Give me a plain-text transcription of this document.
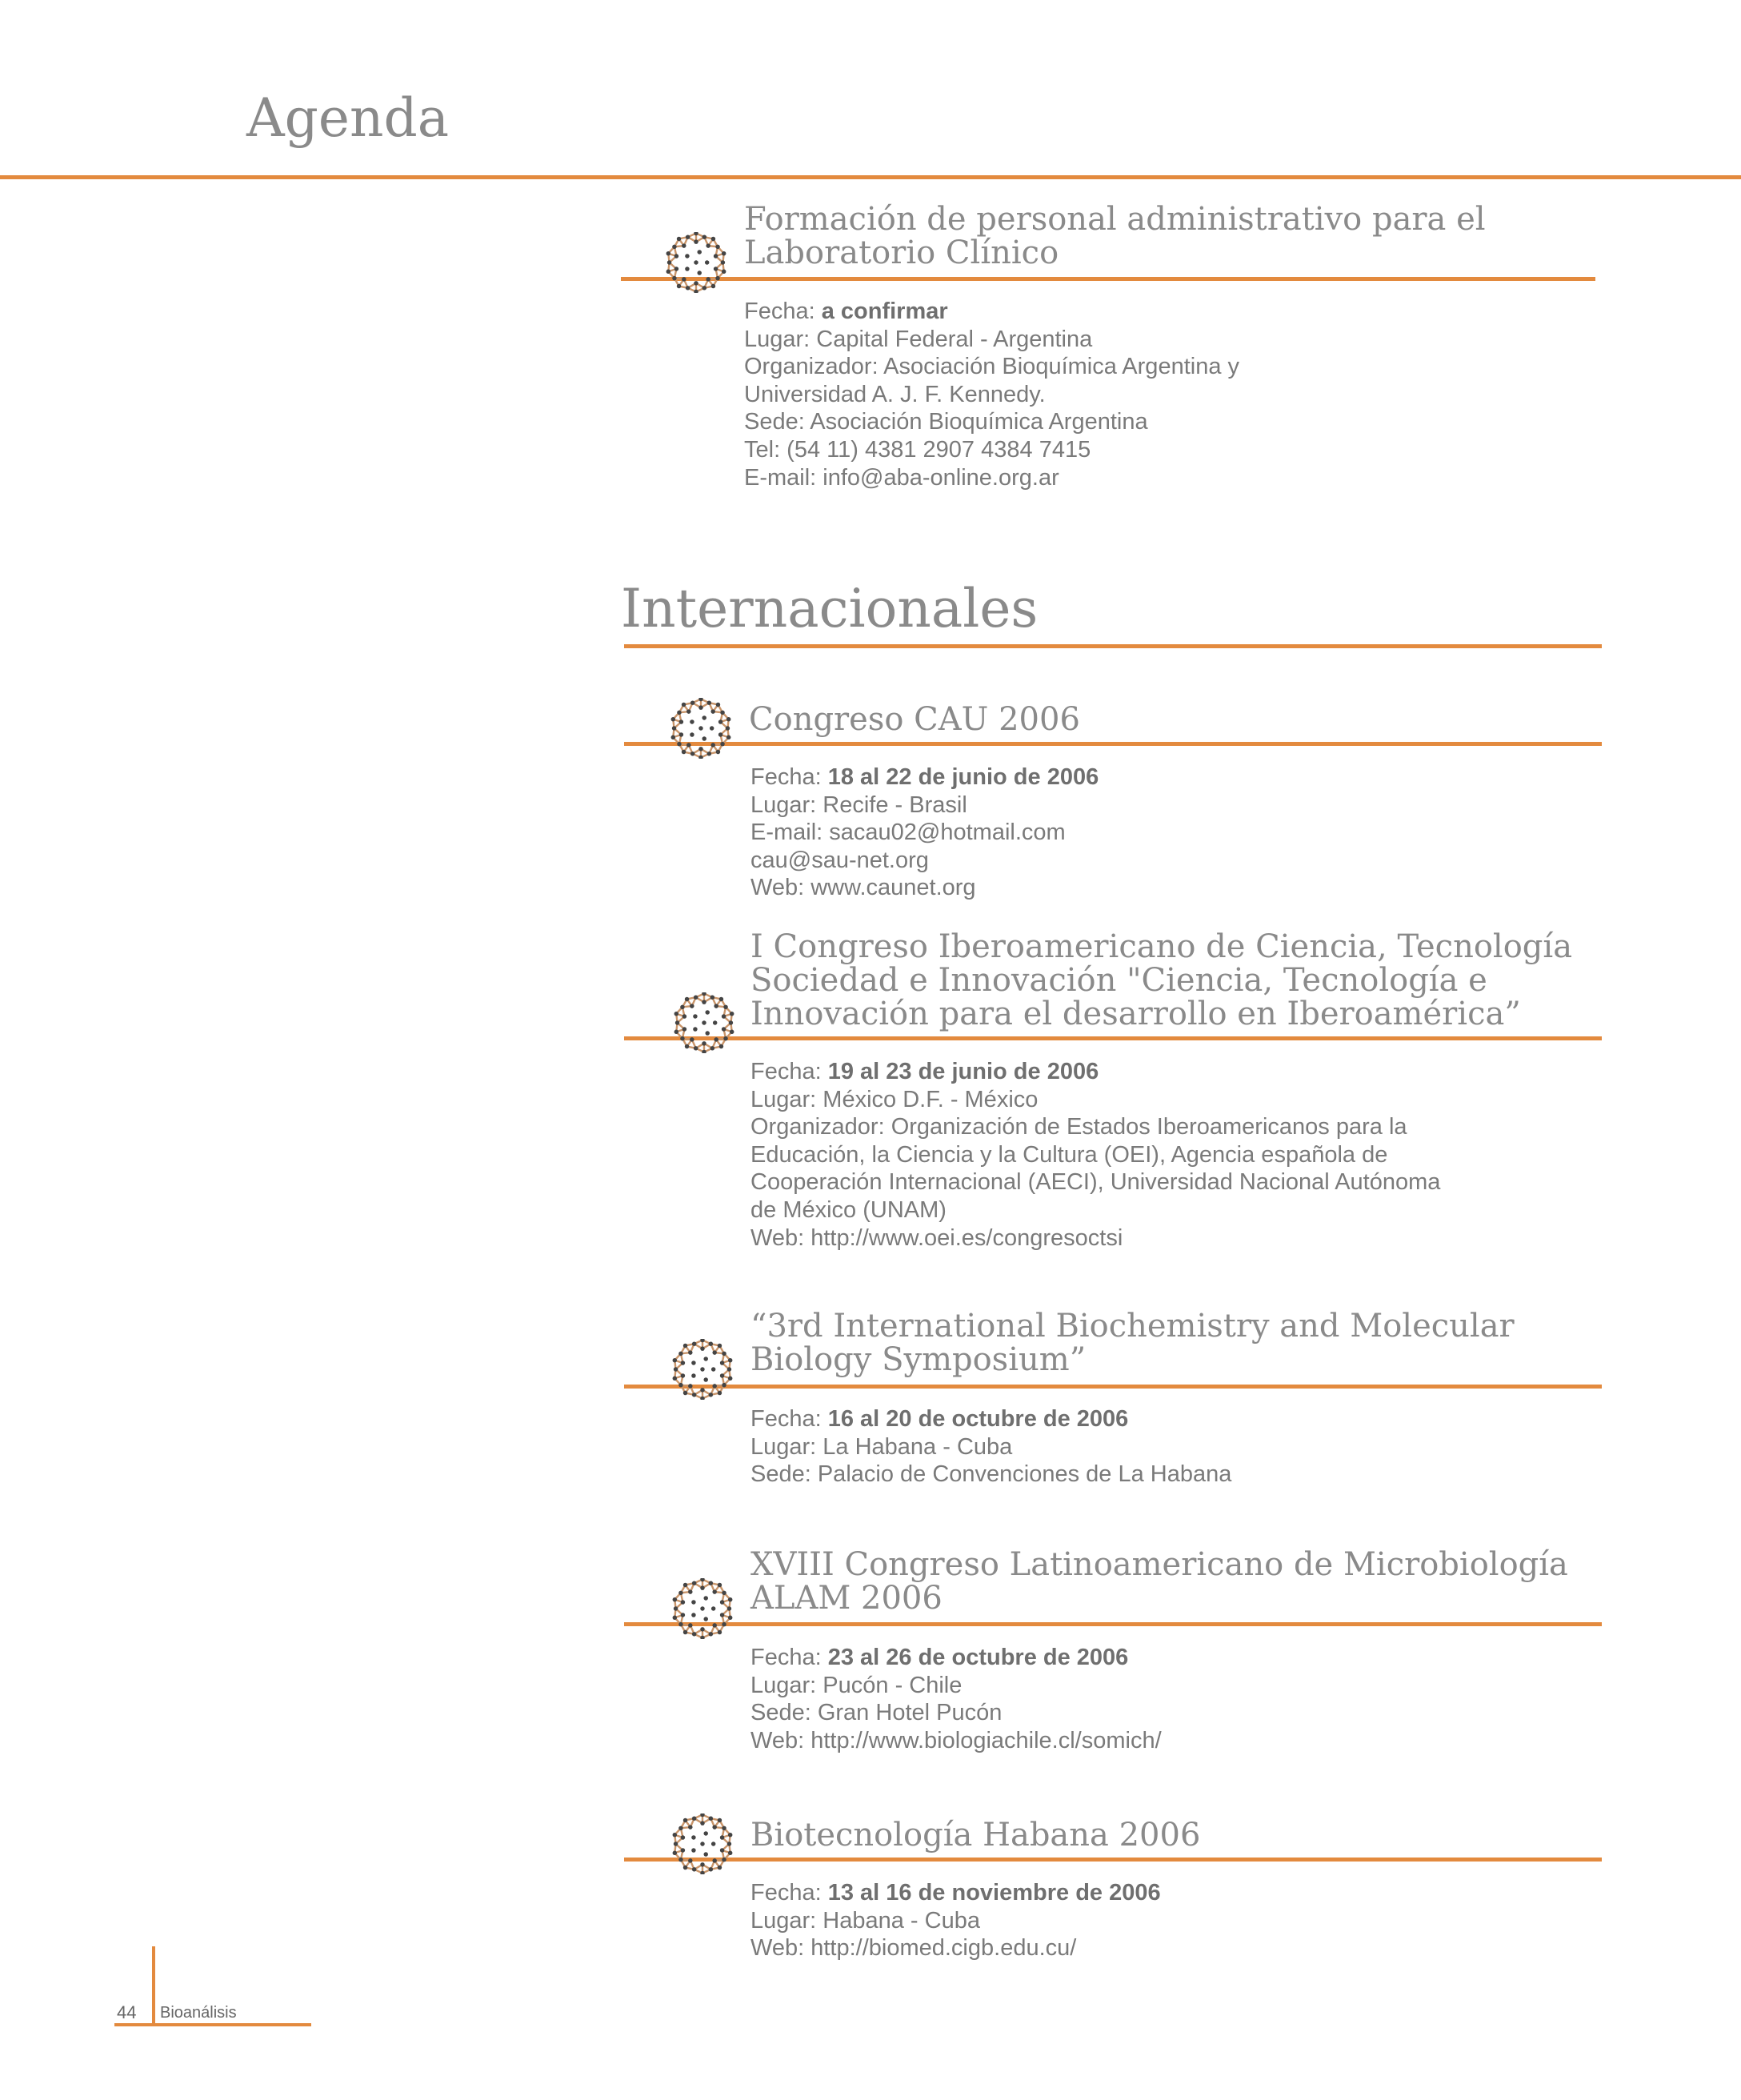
Agenda
Formación de personal administrativo para el
Laboratorio Clínico
Fecha: a confirmar
Lugar: Capital Federal - Argentina
Organizador: Asociación Bioquímica Argentina y
Universidad A. J. F. Kennedy.
Sede: Asociación Bioquímica Argentina
Tel: (54 11) 4381 2907 4384 7415
E-mail: info@aba-online.org.ar
Internacionales
Congreso CAU 2006
Fecha: 18 al 22 de junio de 2006
Lugar: Recife - Brasil
E-mail: sacau02@hotmail.com
cau@sau-net.org
Web: www.caunet.org
I Congreso Iberoamericano de Ciencia, Tecnología
Sociedad e Innovación "Ciencia, Tecnología e
Innovación para el desarrollo en Iberoamérica”
Fecha: 19 al 23 de junio de 2006
Lugar: México D.F. - México
Organizador: Organización de Estados Iberoamericanos para la
Educación, la Ciencia y la Cultura (OEI), Agencia española de
Cooperación Internacional (AECI), Universidad Nacional Autónoma
de México (UNAM)
Web: http://www.oei.es/congresoctsi
“3rd International Biochemistry and Molecular
Biology Symposium”
Fecha: 16 al 20 de octubre de 2006
Lugar: La Habana - Cuba
Sede: Palacio de Convenciones de La Habana
XVIII Congreso Latinoamericano de Microbiología
ALAM 2006
Fecha: 23 al 26 de octubre de 2006
Lugar: Pucón - Chile
Sede: Gran Hotel Pucón
Web: http://www.biologiachile.cl/somich/
Biotecnología Habana 2006
Fecha: 13 al 16 de noviembre de 2006
Lugar: Habana - Cuba
Web: http://biomed.cigb.edu.cu/
44 Bioanálisis
